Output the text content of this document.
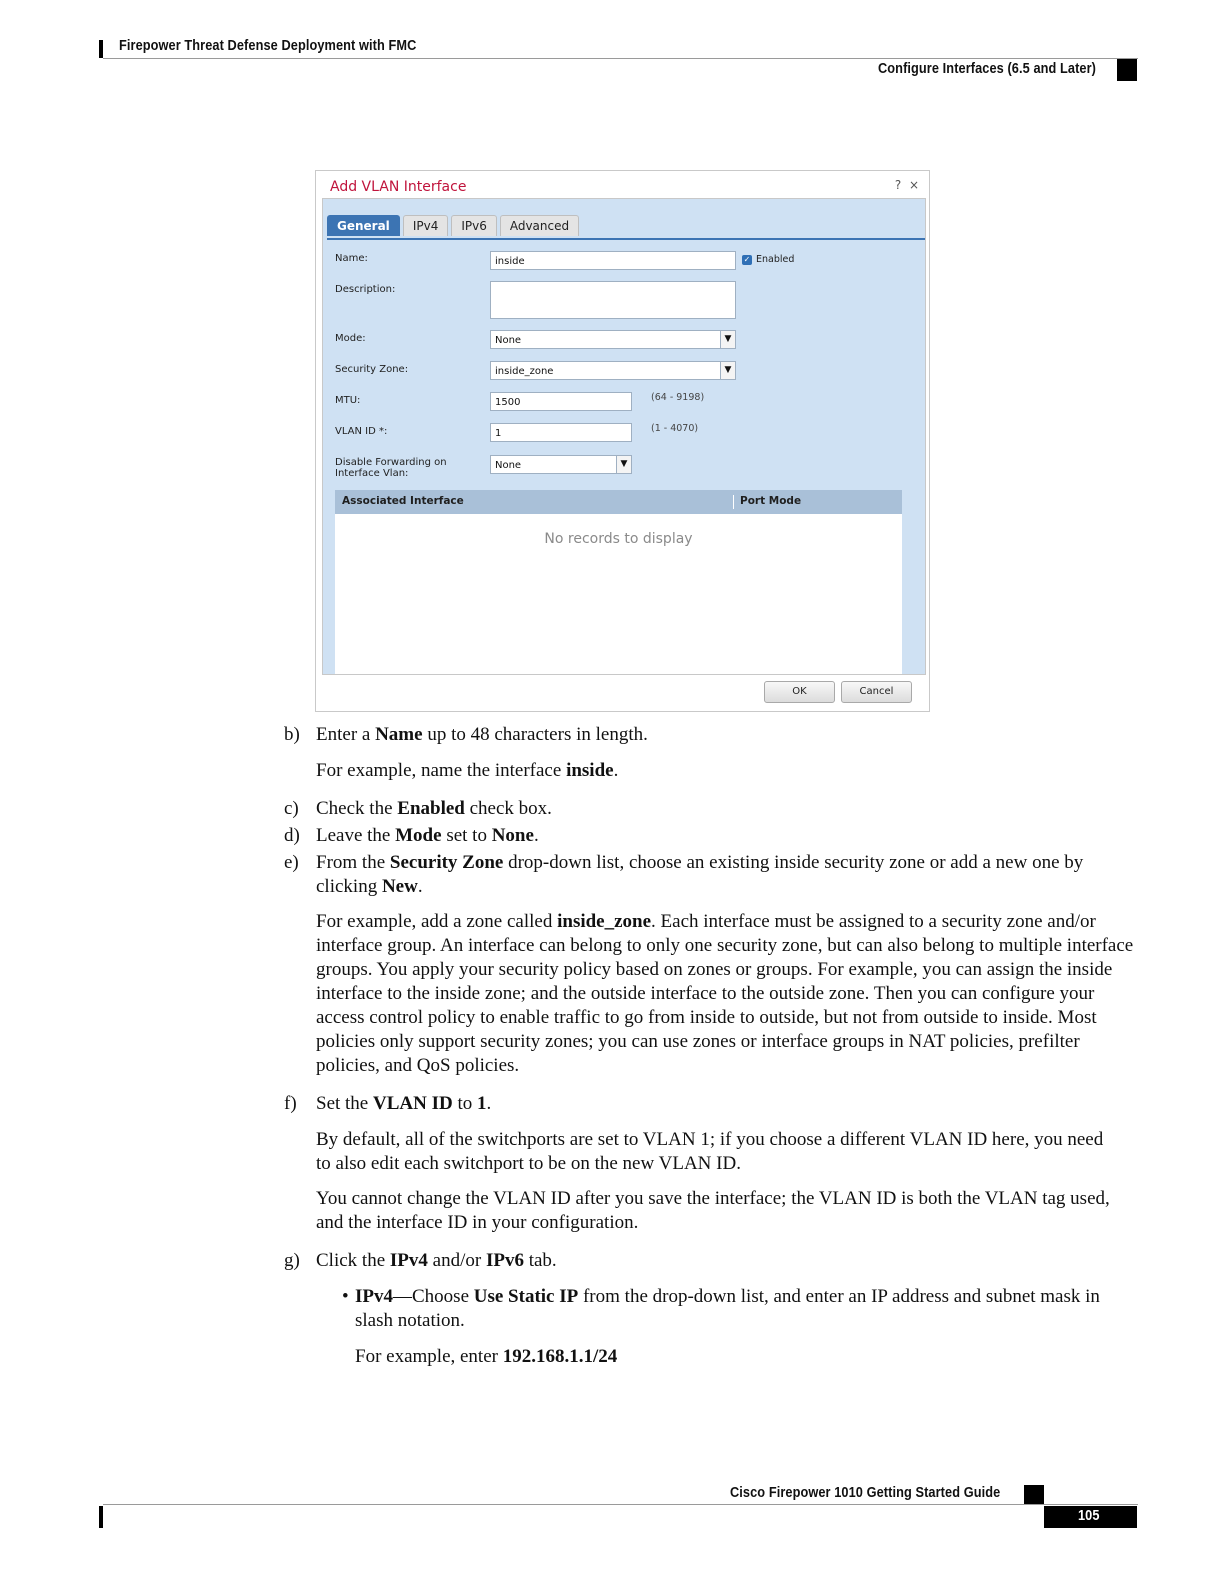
Firepower Threat Defense Deployment with FMC
Configure Interfaces (6.5 and Later)
Add VLAN Interface	? ×
General	IPv4	IPv6	Advanced
Name:	inside	✓ Enabled
Description:
Mode:	None	▼
Security Zone:	inside_zone	▼
MTU:	1500	(64 - 9198)
VLAN ID *:	1	(1 - 4070)
Disable Forwarding on
Interface Vlan:
None	▼
Associated Interface	Port Mode
No records to display
OK	Cancel
b) Enter a Name up to 48 characters in length.
For example, name the interface inside.
c) Check the Enabled check box.
d) Leave the Mode set to None.
e) From the Security Zone drop-down list, choose an existing inside security zone or add a new one by
clicking New.
For example, add a zone called inside_zone. Each interface must be assigned to a security zone and/or
interface group. An interface can belong to only one security zone, but can also belong to multiple interface
groups. You apply your security policy based on zones or groups. For example, you can assign the inside
interface to the inside zone; and the outside interface to the outside zone. Then you can configure your
access control policy to enable traffic to go from inside to outside, but not from outside to inside. Most
policies only support security zones; you can use zones or interface groups in NAT policies, prefilter
policies, and QoS policies.
f) Set the VLAN ID to 1.
By default, all of the switchports are set to VLAN 1; if you choose a different VLAN ID here, you need
to also edit each switchport to be on the new VLAN ID.
You cannot change the VLAN ID after you save the interface; the VLAN ID is both the VLAN tag used,
and the interface ID in your configuration.
g) Click the IPv4 and/or IPv6 tab.
• IPv4—Choose Use Static IP from the drop-down list, and enter an IP address and subnet mask in
slash notation.
For example, enter 192.168.1.1/24
Cisco Firepower 1010 Getting Started Guide
105
